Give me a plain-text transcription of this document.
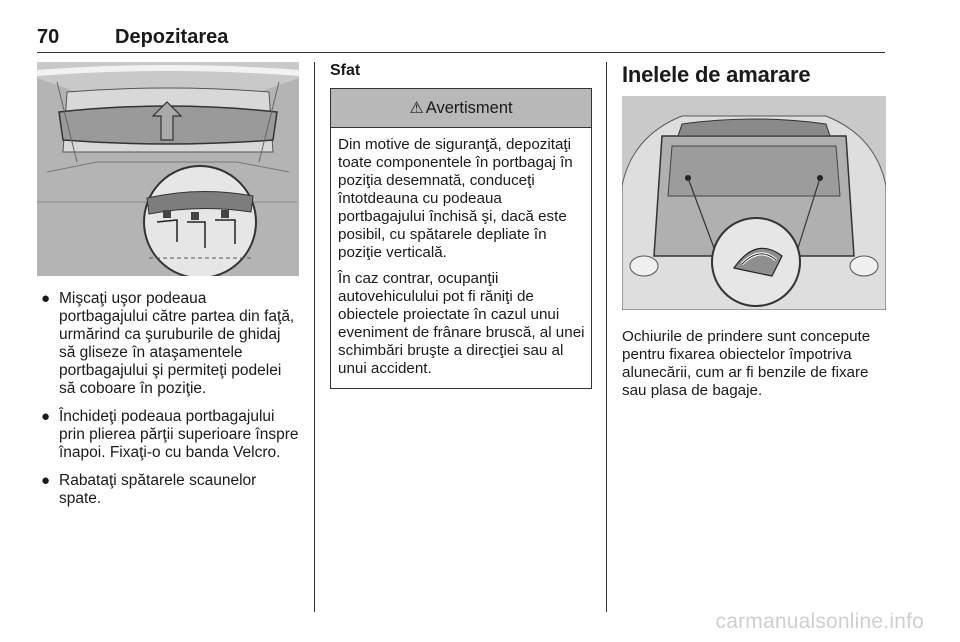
70	Depozitarea
● Mişcaţi uşor podeaua portbagajului către partea din faţă, urmărind ca şuruburile de ghidaj să gliseze în ataşamentele portbagajului şi permiteţi podelei să coboare în poziţie.
● Închideţi podeaua portbagajului prin plierea părţii superioare înspre înapoi. Fixaţi-o cu banda Velcro.
● Rabataţi spătarele scaunelor spate.
Sfat
⚠ Avertisment

Din motive de siguranţă, depozitaţi toate componentele în portbagaj în poziţia desemnată, conduceţi întotdeauna cu podeaua portbagajului închisă şi, dacă este posibil, cu spătarele depliate în poziţie verticală.

În caz contrar, ocupanţii autovehiculului pot fi răniţi de obiectele proiectate în cazul unui eveniment de frânare bruscă, al unei schimbări bruşte a direcţiei sau al unui accident.

Inelele de amarare
Ochiurile de prindere sunt concepute pentru fixarea obiectelor împotriva alunecării, cum ar fi benzile de fixare sau plasa de bagaje.
carmanualsonline.info
